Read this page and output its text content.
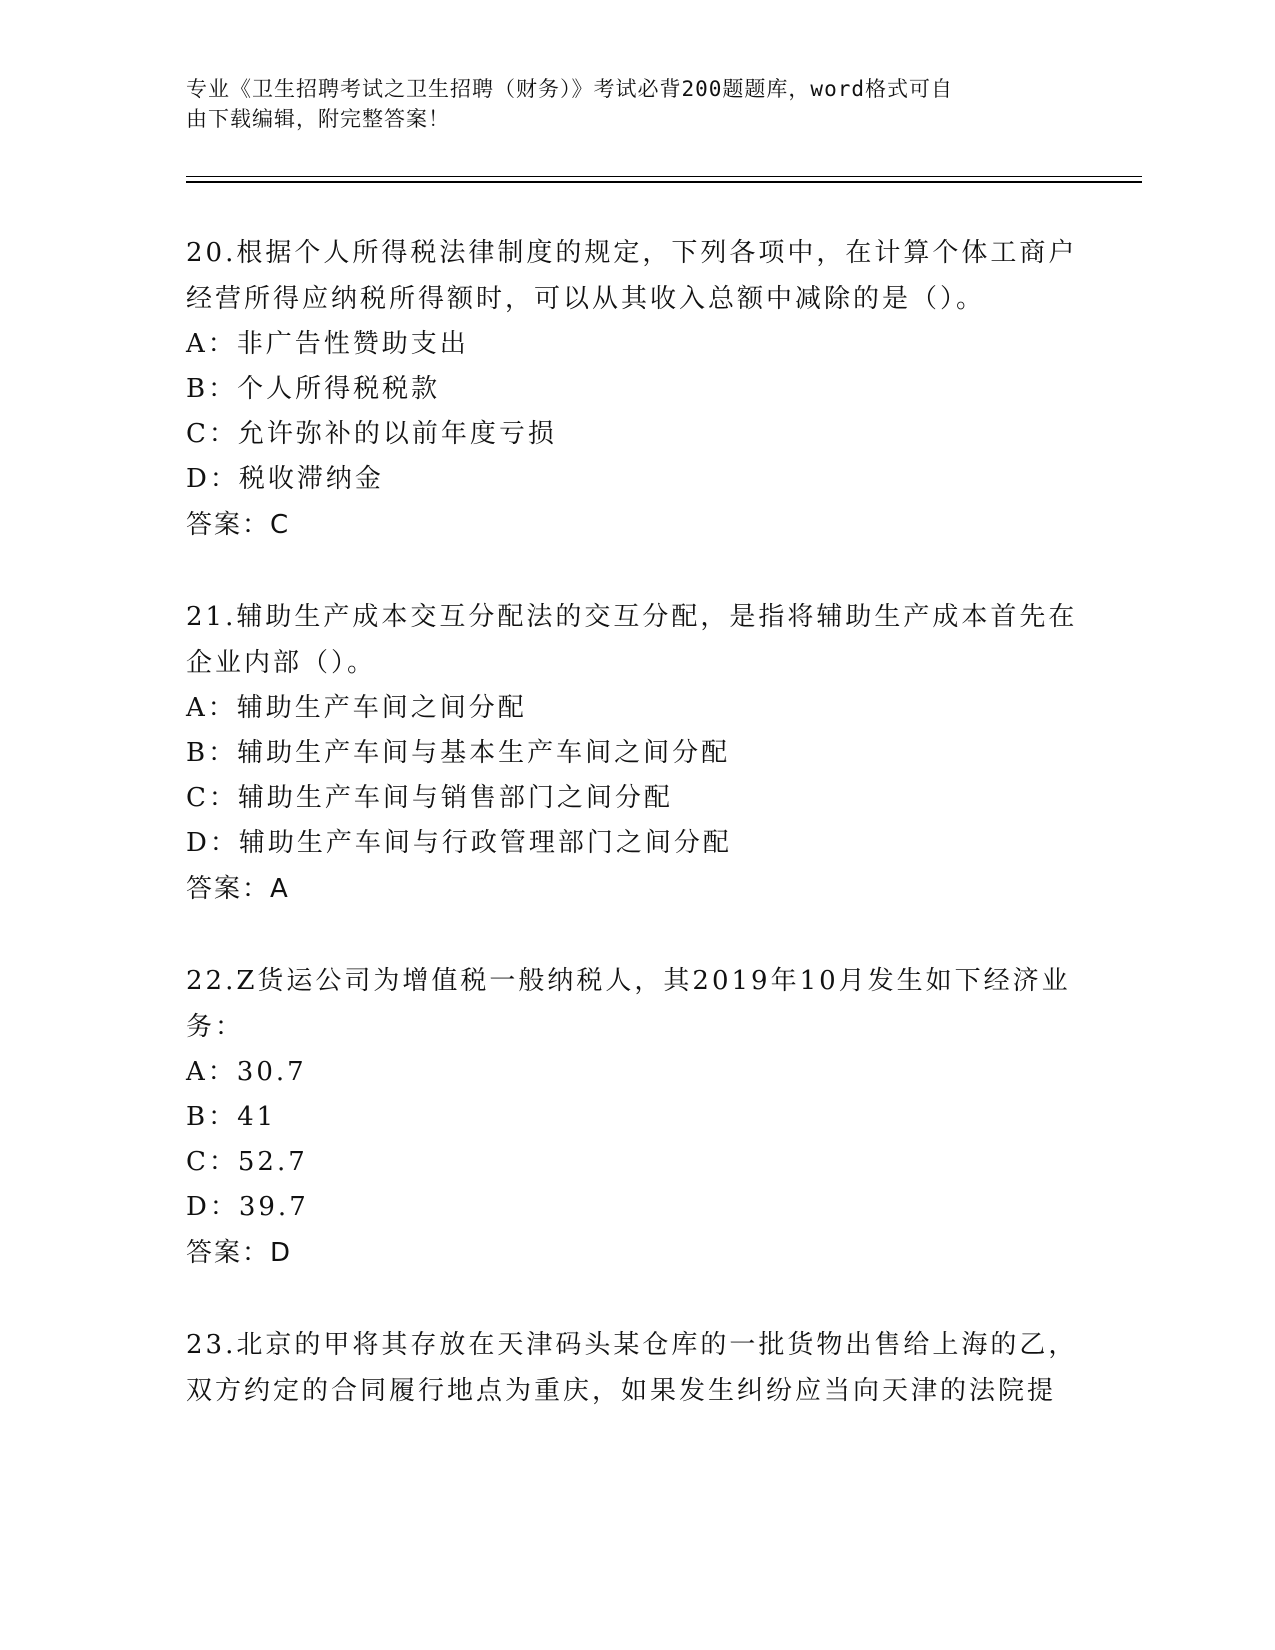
专业《卫生招聘考试之卫生招聘（财务）》考试必背200题题库，word格式可自
由下载编辑，附完整答案！

20.根据个人所得税法律制度的规定，下列各项中，在计算个体工商户
经营所得应纳税所得额时，可以从其收入总额中减除的是（）。

A：非广告性赞助支出

B：个人所得税税款

C：允许弥补的以前年度亏损

D：税收滞纳金

答案：C

21.辅助生产成本交互分配法的交互分配，是指将辅助生产成本首先在
企业内部（）。

A：辅助生产车间之间分配

B：辅助生产车间与基本生产车间之间分配

C：辅助生产车间与销售部门之间分配

D：辅助生产车间与行政管理部门之间分配

答案：A

22.Z货运公司为增值税一般纳税人，其2019年10月发生如下经济业
务：

A：30.7

B：41

C：52.7

D：39.7

答案：D

23.北京的甲将其存放在天津码头某仓库的一批货物出售给上海的乙，
双方约定的合同履行地点为重庆，如果发生纠纷应当向天津的法院提
